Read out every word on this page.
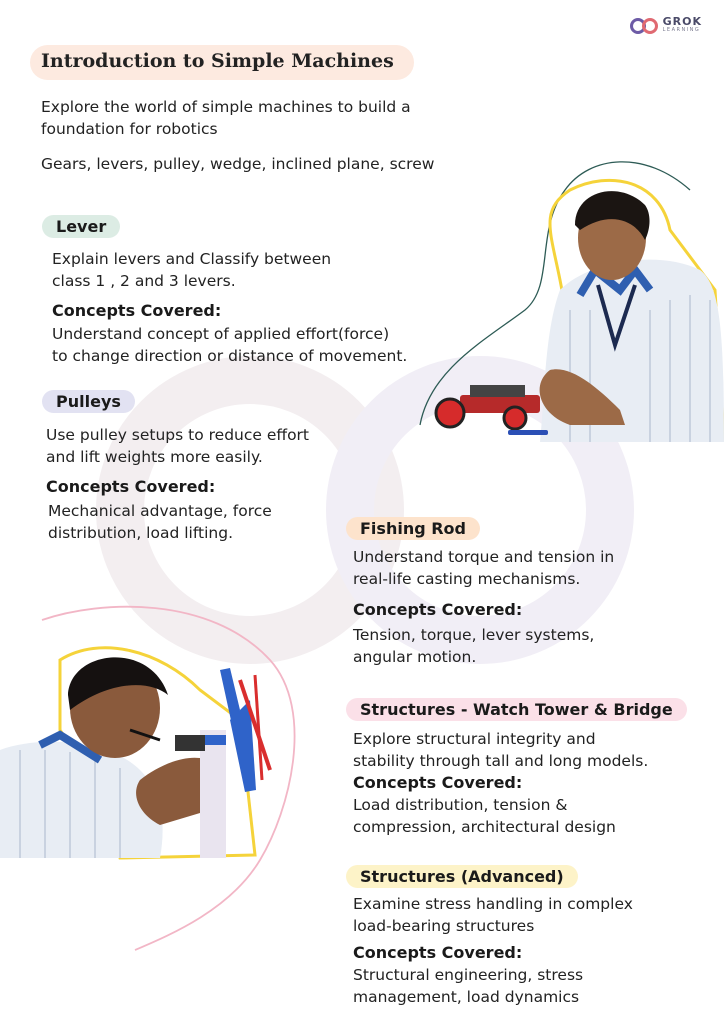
GROK
LEARNING
Introduction to Simple Machines
Explore the world of simple machines to build a
foundation for robotics
Gears, levers, pulley, wedge, inclined plane, screw
Lever
Explain levers and Classify between
class 1 , 2 and 3 levers.
Concepts Covered:
Understand concept of applied effort(force)
to change direction or distance of movement.
Pulleys
Use pulley setups to reduce effort
and lift weights more easily.
Concepts Covered:
Mechanical advantage, force
distribution, load lifting.	Fishing Rod
Understand torque and tension in
real-life casting mechanisms.
Concepts Covered:
Tension, torque, lever systems,
angular motion.
Structures - Watch Tower & Bridge
Explore structural integrity and
stability through tall and long models.
Concepts Covered:
Load distribution, tension &
compression, architectural design
Structures (Advanced)
Examine stress handling in complex
load-bearing structures
Concepts Covered:
Structural engineering, stress
management, load dynamics
